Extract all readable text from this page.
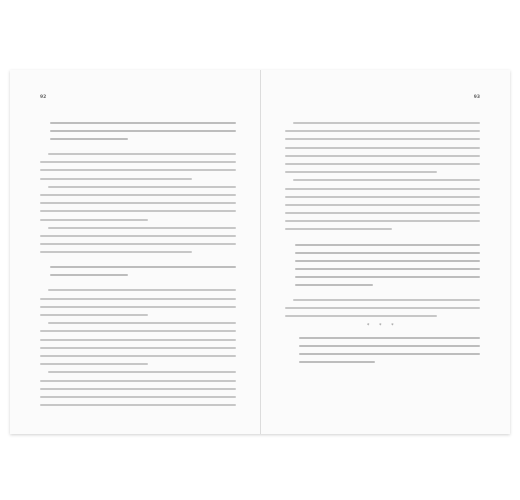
92	93
* * *
